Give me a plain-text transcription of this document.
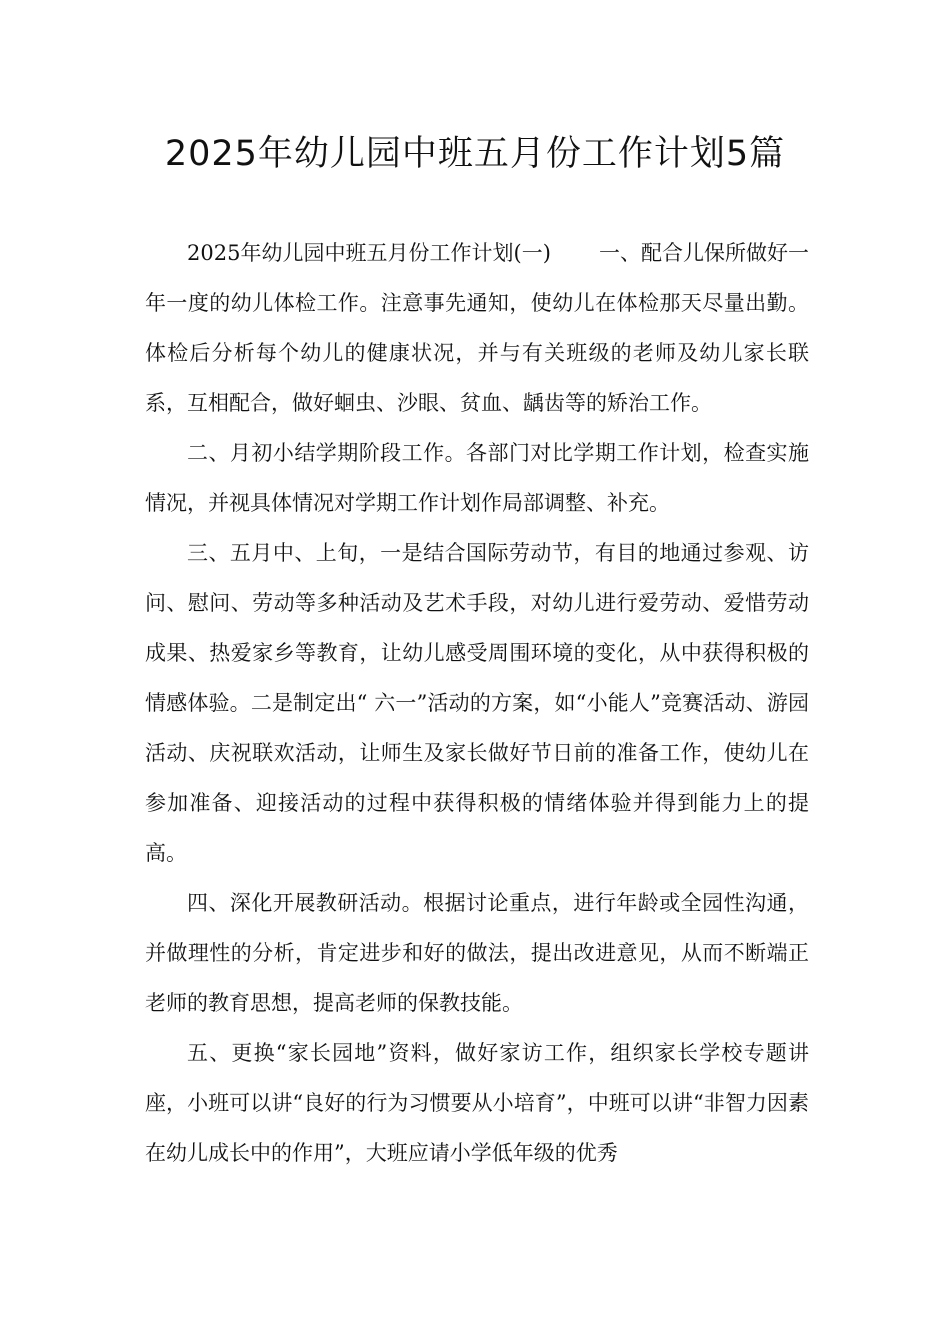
2025年幼儿园中班五月份工作计划5篇

2025年幼儿园中班五月份工作计划(一) 一、配合儿保所做好一年一度的幼儿体检工作。注意事先通知，使幼儿在体检那天尽量出勤。体检后分析每个幼儿的健康状况，并与有关班级的老师及幼儿家长联系，互相配合，做好蛔虫、沙眼、贫血、龋齿等的矫治工作。

二、月初小结学期阶段工作。各部门对比学期工作计划，检查实施情况，并视具体情况对学期工作计划作局部调整、补充。

三、五月中、上旬，一是结合国际劳动节，有目的地通过参观、访问、慰问、劳动等多种活动及艺术手段，对幼儿进行爱劳动、爱惜劳动成果、热爱家乡等教育，让幼儿感受周围环境的变化，从中获得积极的情感体验。二是制定出“ 六一”活动的方案，如“小能人”竞赛活动、游园活动、庆祝联欢活动，让师生及家长做好节日前的准备工作，使幼儿在参加准备、迎接活动的过程中获得积极的情绪体验并得到能力上的提高。

四、深化开展教研活动。根据讨论重点，进行年龄或全园性沟通，并做理性的分析，肯定进步和好的做法，提出改进意见，从而不断端正老师的教育思想，提高老师的保教技能。

五、更换“家长园地”资料，做好家访工作，组织家长学校专题讲座，小班可以讲“良好的行为习惯要从小培育”，中班可以讲“非智力因素在幼儿成长中的作用”，大班应请小学低年级的优秀
